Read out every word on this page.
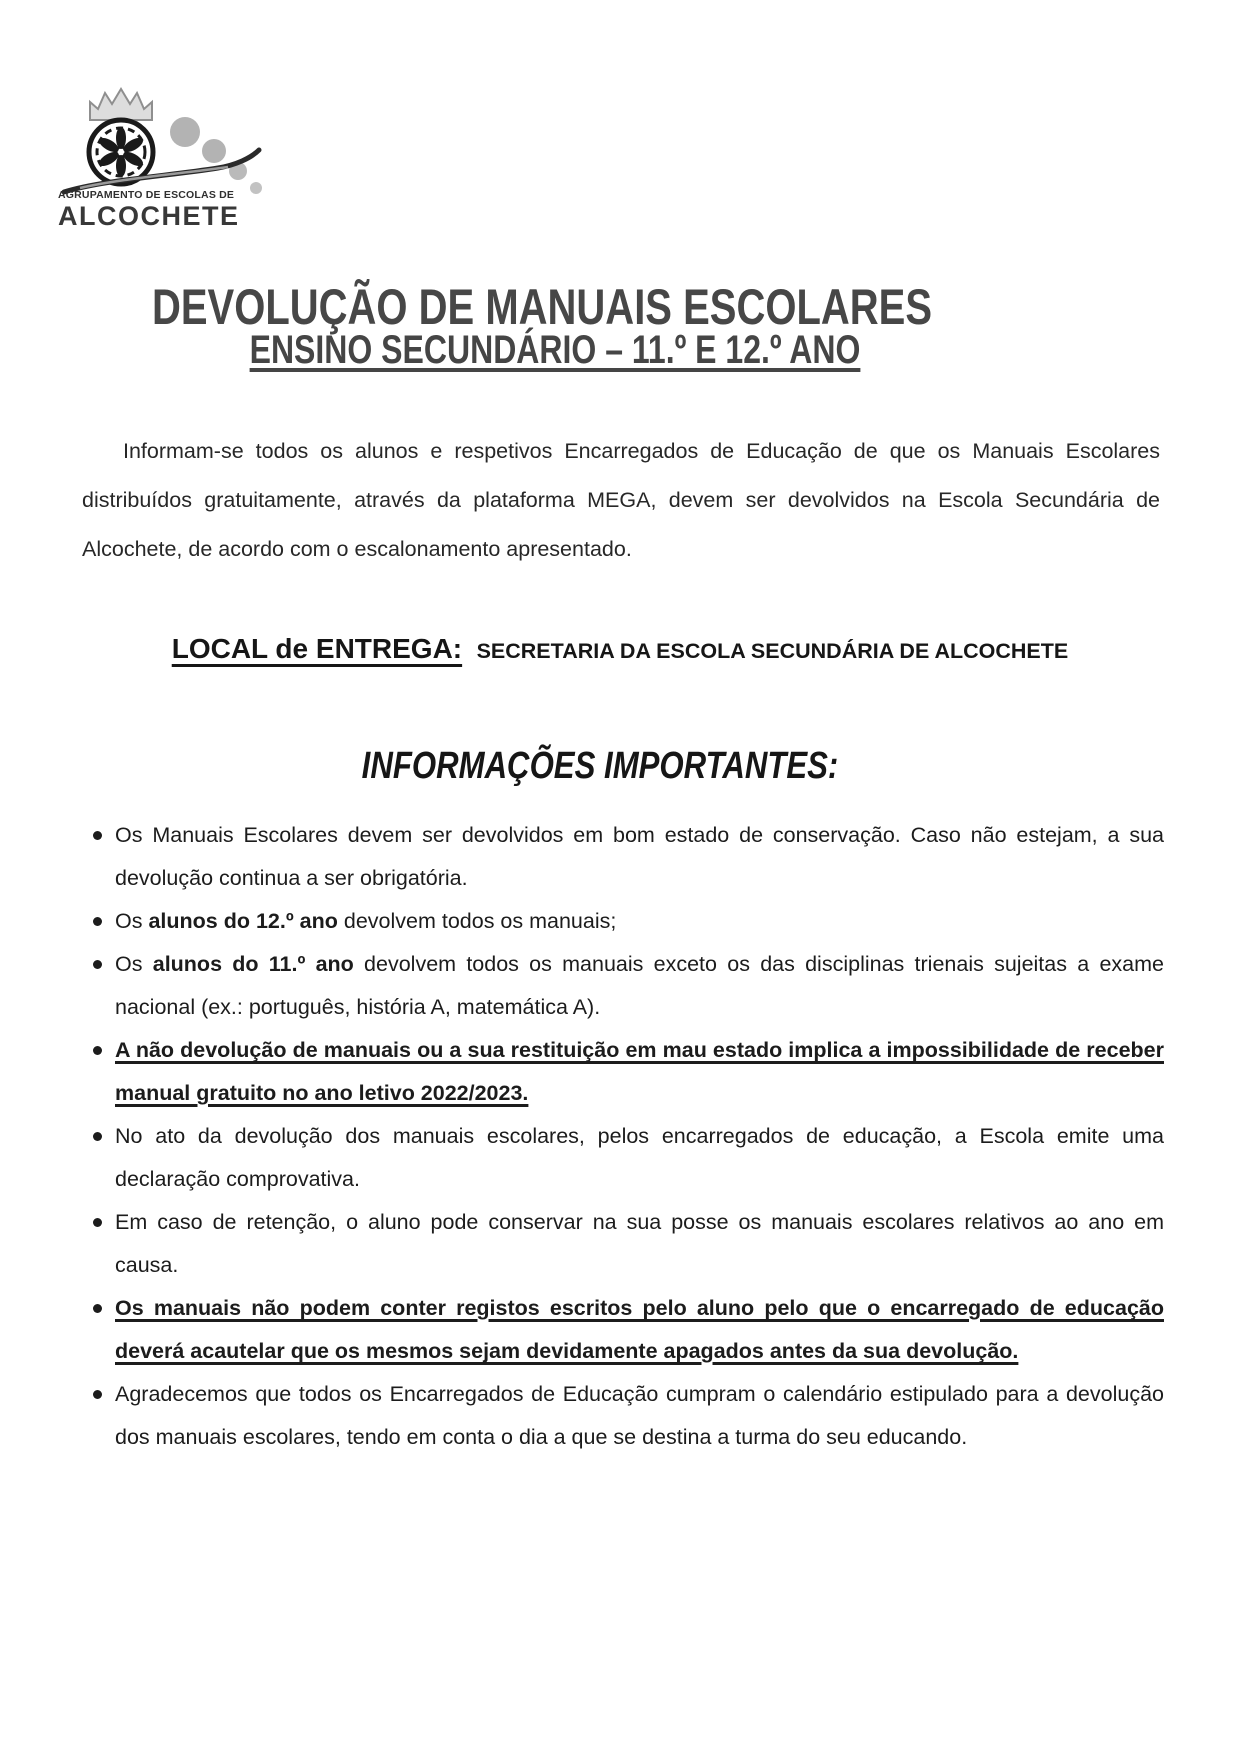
AGRUPAMENTO DE ESCOLAS DE
ALCOCHETE
DEVOLUÇÃO DE MANUAIS ESCOLARES
ENSINO SECUNDÁRIO – 11.º E 12.º ANO
Informam-se todos os alunos e respetivos Encarregados de Educação de que os Manuais Escolares distribuídos gratuitamente, através da plataforma MEGA, devem ser devolvidos na Escola Secundária de Alcochete, de acordo com o escalonamento apresentado.
LOCAL de ENTREGA: SECRETARIA DA ESCOLA SECUNDÁRIA DE ALCOCHETE
INFORMAÇÕES IMPORTANTES:
Os Manuais Escolares devem ser devolvidos em bom estado de conservação. Caso não estejam, a sua devolução continua a ser obrigatória.
Os alunos do 12.º ano devolvem todos os manuais;
Os alunos do 11.º ano devolvem todos os manuais exceto os das disciplinas trienais sujeitas a exame nacional (ex.: português, história A, matemática A).
A não devolução de manuais ou a sua restituição em mau estado implica a impossibilidade de receber manual gratuito no ano letivo 2022/2023.
No ato da devolução dos manuais escolares, pelos encarregados de educação, a Escola emite uma declaração comprovativa.
Em caso de retenção, o aluno pode conservar na sua posse os manuais escolares relativos ao ano em causa.
Os manuais não podem conter registos escritos pelo aluno pelo que o encarregado de educação deverá acautelar que os mesmos sejam devidamente apagados antes da sua devolução.
Agradecemos que todos os Encarregados de Educação cumpram o calendário estipulado para a devolução dos manuais escolares, tendo em conta o dia a que se destina a turma do seu educando.
